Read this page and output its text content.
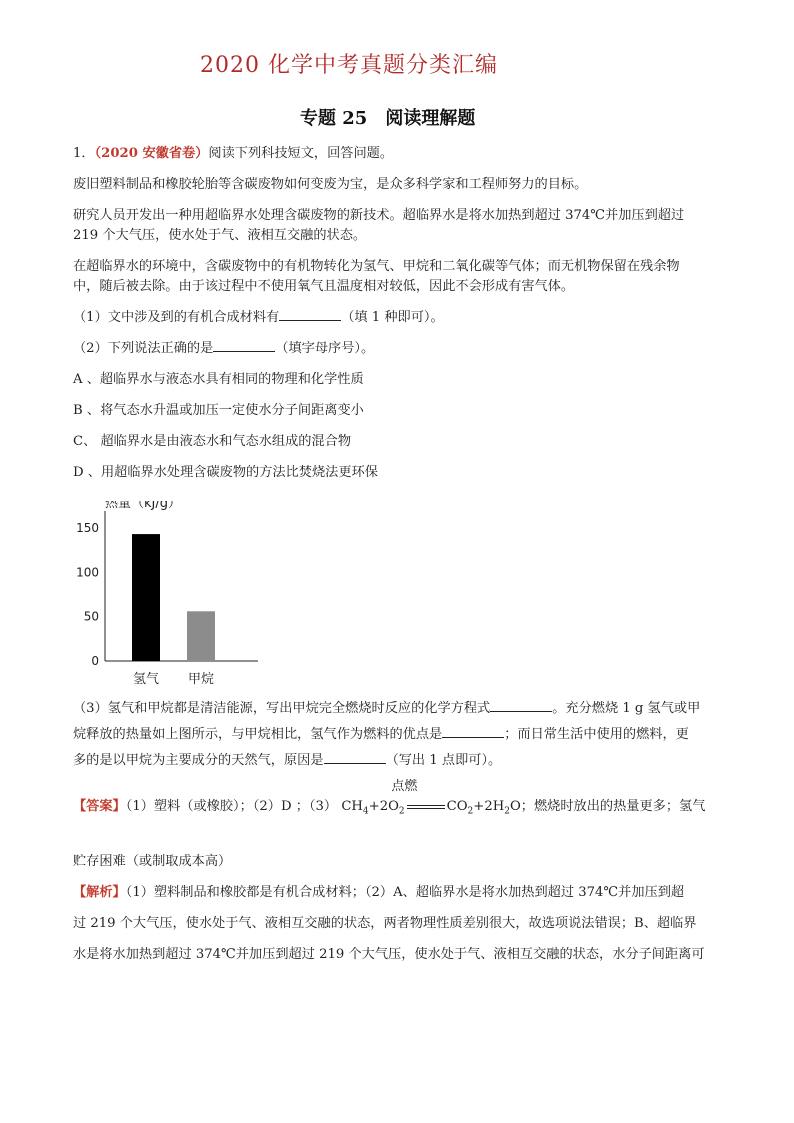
2020 化学中考真题分类汇编
专题 25　阅读理解题

1．（2020 安徽省卷）阅读下列科技短文，回答问题。

废旧塑料制品和橡胶轮胎等含碳废物如何变废为宝，是众多科学家和工程师努力的目标。

研究人员开发出一种用超临界水处理含碳废物的新技术。超临界水是将水加热到超过 374℃并加压到超过

219 个大气压，使水处于气、液相互交融的状态。

在超临界水的环境中，含碳废物中的有机物转化为氢气、甲烷和二氧化碳等气体；而无机物保留在残余物

中，随后被去除。由于该过程中不使用氧气且温度相对较低，因此不会形成有害气体。

（1）文中涉及到的有机合成材料有	（填 1 种即可）。

（2）下列说法正确的是	（填字母序号）。

A 、超临界水与液态水具有相同的物理和化学性质

B 、将气态水升温或加压一定使水分子间距离变小

C、 超临界水是由液态水和气态水组成的混合物

D 、用超临界水处理含碳废物的方法比焚烧法更环保

热量（kJ/g）
0
50
100
150
氢气 甲烷

（3）氢气和甲烷都是清洁能源，写出甲烷完全燃烧时反应的化学方程式	。充分燃烧 1 g 氢气或甲

烷释放的热量如上图所示，与甲烷相比，氢气作为燃料的优点是	；而日常生活中使用的燃料，更

多的是以甲烷为主要成分的天然气，原因是	（写出 1 点即可）。

【答案】（1）塑料（或橡胶）；（2）D ；（3） $CH_4+2O_2$
点燃
$CO_2+2H_2O$；燃烧时放出的热量更多；氢气

贮存困难（或制取成本高）

【解析】（1）塑料制品和橡胶都是有机合成材料；（2）A、超临界水是将水加热到超过 374℃并加压到超

过 219 个大气压，使水处于气、液相互交融的状态，两者物理性质差别很大，故选项说法错误；B、超临界

水是将水加热到超过 374℃并加压到超过 219 个大气压，使水处于气、液相互交融的状态，水分子间距离可
